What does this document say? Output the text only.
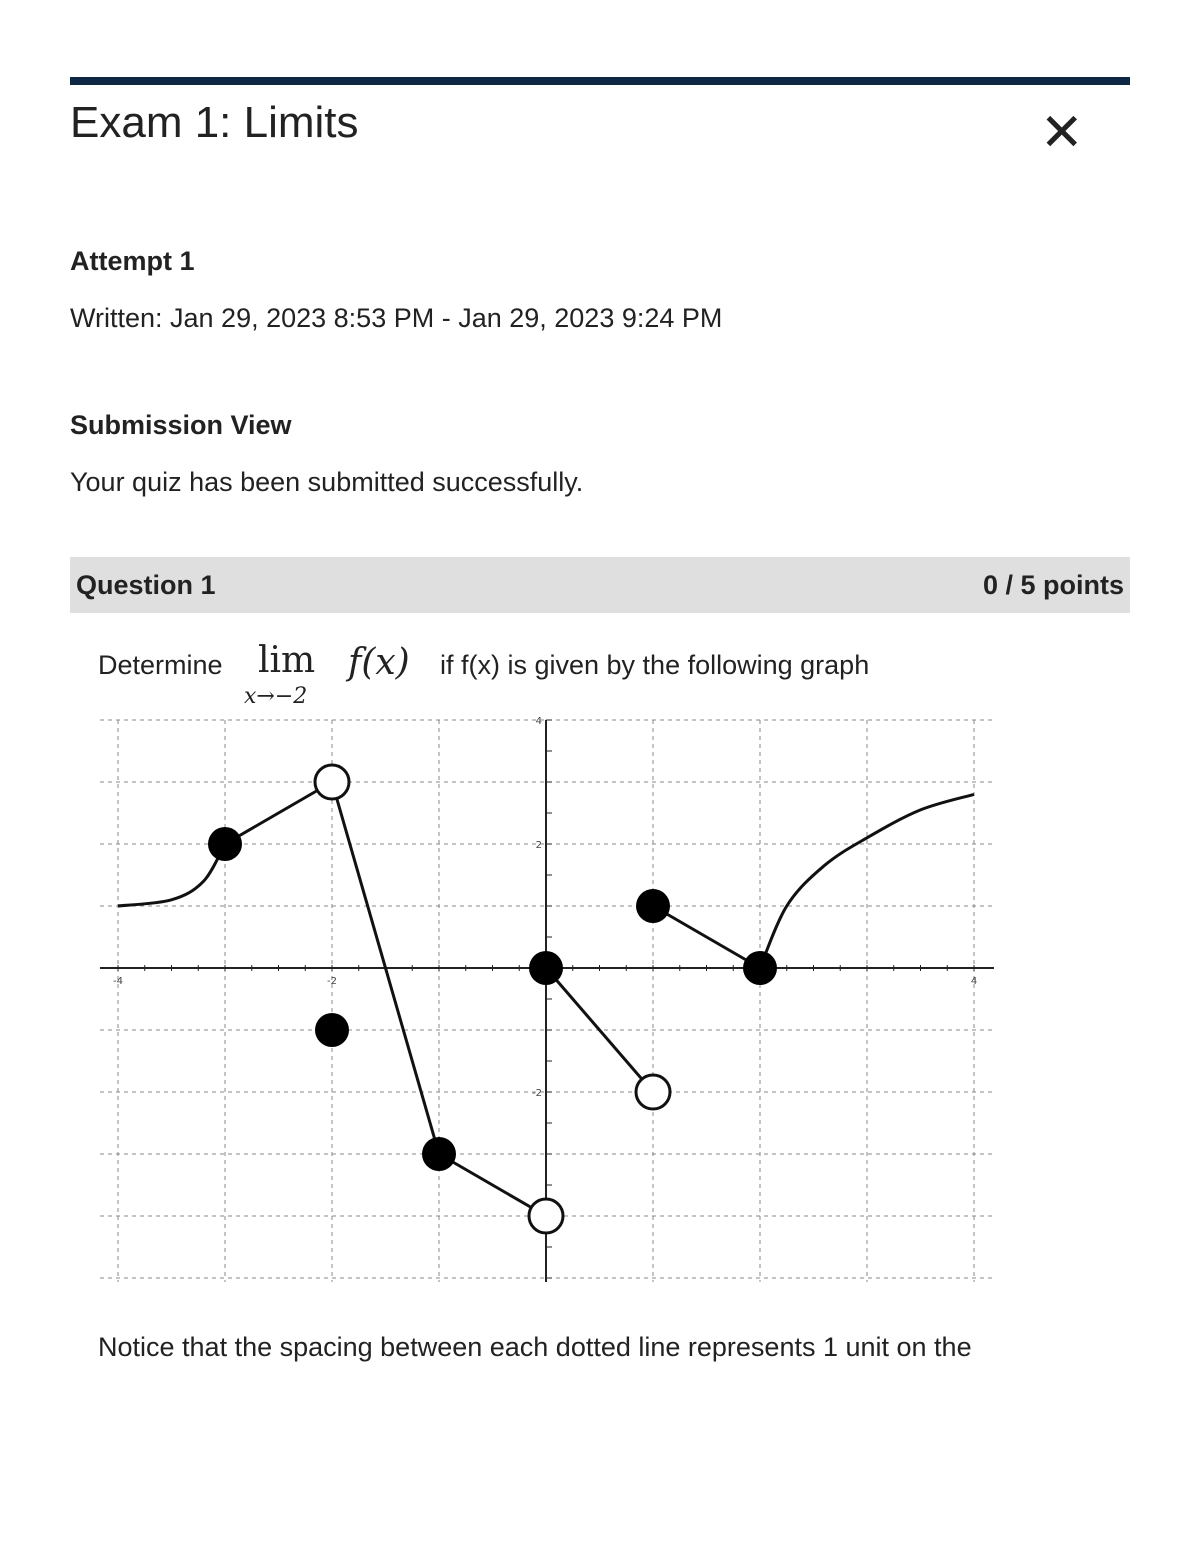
Exam 1: Limits	✕
Attempt 1
Written: Jan 29, 2023 8:53 PM - Jan 29, 2023 9:24 PM
Submission View
Your quiz has been submitted successfully.
Question 1	0 / 5 points
Determine lim
x→−2
f(x) if f(x) is given by the following graph
-4	-2	4
4
2
-2
Notice that the spacing between each dotted line represents 1 unit on the
